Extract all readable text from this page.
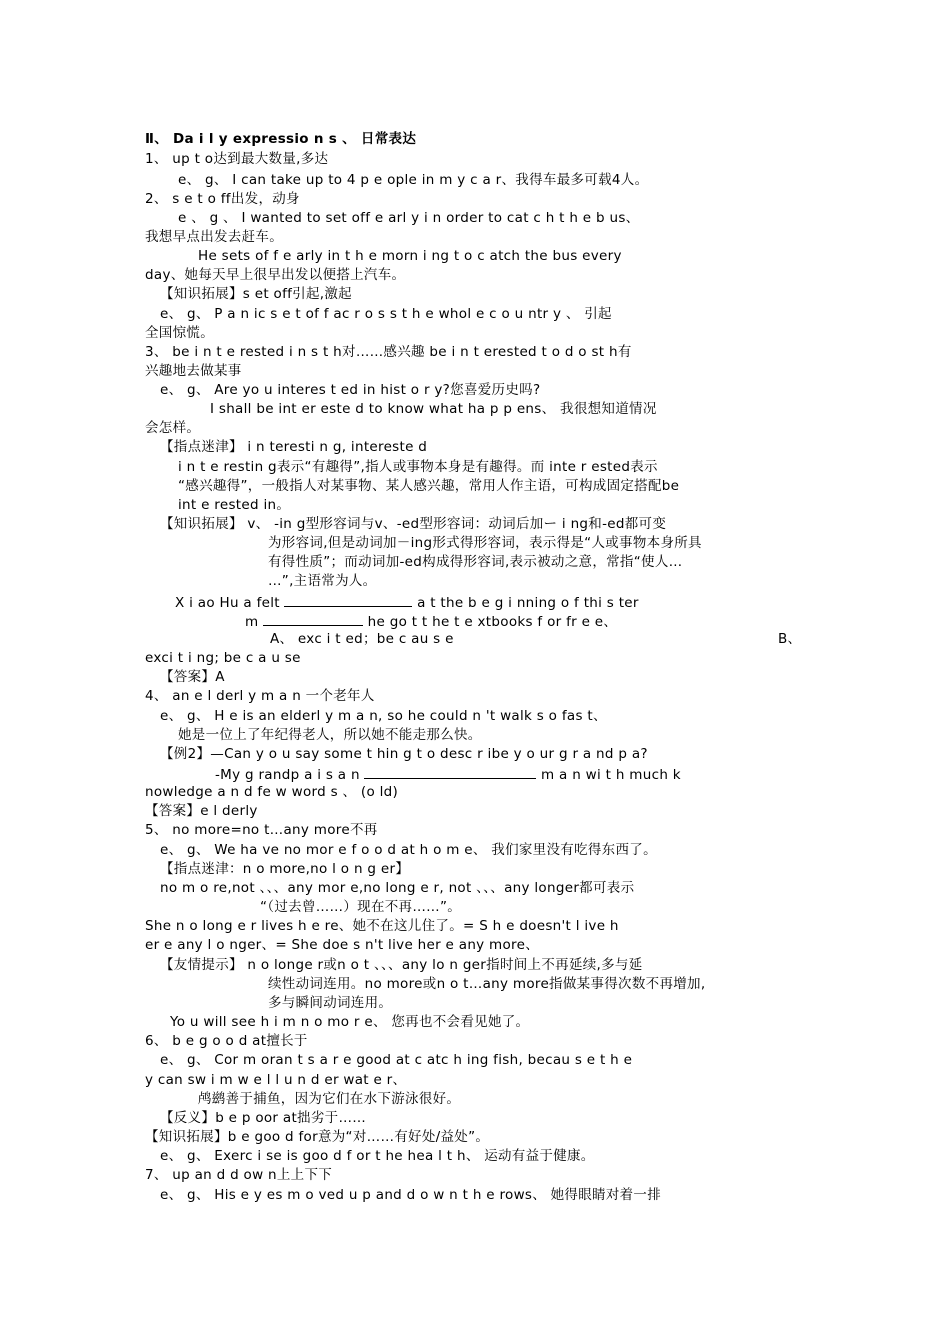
Ⅱ、 Da i l y expressio n s 、 日常表达
1、 up t o达到最大数量,多达
e、 g、 I can take up to 4 p e ople in m y c a r、我得车最多可载4人。
2、 s e t o ff出发，动身
e 、 g 、 I wanted to set off e arl y i n order to cat c h t h e b us、
我想早点出发去赶车。
He sets of f e arly in t h e morn i ng t o c atch the bus every
day、她每天早上很早出发以便搭上汽车。
【知识拓展】s et off引起,激起
e、 g、 P a n ic s e t of f ac r o s s t h e whol e c o u ntr y 、 引起
全国惊慌。
3、 be i n t e rested i n s t h对……感兴趣 be i n t erested t o d o st h有
兴趣地去做某事
e、 g、 Are yo u interes t ed in hist o r y?您喜爱历史吗?
I shall be int er este d to know what ha p p ens、 我很想知道情况
会怎样。
【指点迷津】 i n teresti n g, intereste d
i n t e restin g表示“有趣得”,指人或事物本身是有趣得。而 inte r ested表示
“感兴趣得”，一般指人对某事物、某人感兴趣，常用人作主语，可构成固定搭配be
int e rested in。
【知识拓展】 v、 -in g型形容词与v、-ed型形容词：动词后加ー i ng和-ed都可变
为形容词,但是动词加－ing形式得形容词，表示得是“人或事物本身所具
有得性质”；而动词加-ed构成得形容词,表示被动之意，常指“使人…
…”,主语常为人。
X i ao Hu a felt	a t the b e g i nning o f thi s ter
m	he go t t he t e xtbooks f or fr e e、
A、 exc i t ed；be c au s e	B、
exci t i ng; be c a u se
【答案】A
4、 an e l derl y m a n 一个老年人
e、 g、 H e is an elderl y m a n, so he could n 't walk s o fas t、
她是一位上了年纪得老人，所以她不能走那么快。
【例2】—Can y o u say some t hin g t o desc r ibe y o ur g r a nd p a?
-My g randp a i s a n	m a n wi t h much k
nowledge a n d fe w word s 、 (o ld)
【答案】e l derly
5、 no more=no t…any more不再
e、 g、 We ha ve no mor e f o o d at h o m e、 我们家里没有吃得东西了。
【指点迷津：n o more,no l o n g er】
no m o re,not 、、、any mor e,no long e r, not 、、、any longer都可表示
“（过去曾……）现在不再……”。
She n o long e r lives h e re、她不在这儿住了。= S h e doesn't l ive h
er e any l o nger、= She doe s n't live her e any more、
【友情提示】 n o longe r或n o t 、、、any lo n ger指时间上不再延续,多与延
续性动词连用。no more或n o t…any more指做某事得次数不再增加,
多与瞬间动词连用。
Yo u will see h i m n o mo r e、 您再也不会看见她了。
6、 b e g o o d at擅长于
e、 g、 Cor m oran t s a r e good at c atc h ing fish, becau s e t h e
y can sw i m w e l l u n d er wat e r、
鸬鹚善于捕鱼，因为它们在水下游泳很好。
【反义】b e p oor at拙劣于……
【知识拓展】b e goo d for意为“对……有好处/益处”。
e、 g、 Exerc i se is goo d f or t he hea l t h、 运动有益于健康。
7、 up an d d ow n上上下下
e、 g、 His e y es m o ved u p and d o w n t h e rows、 她得眼睛对着一排
